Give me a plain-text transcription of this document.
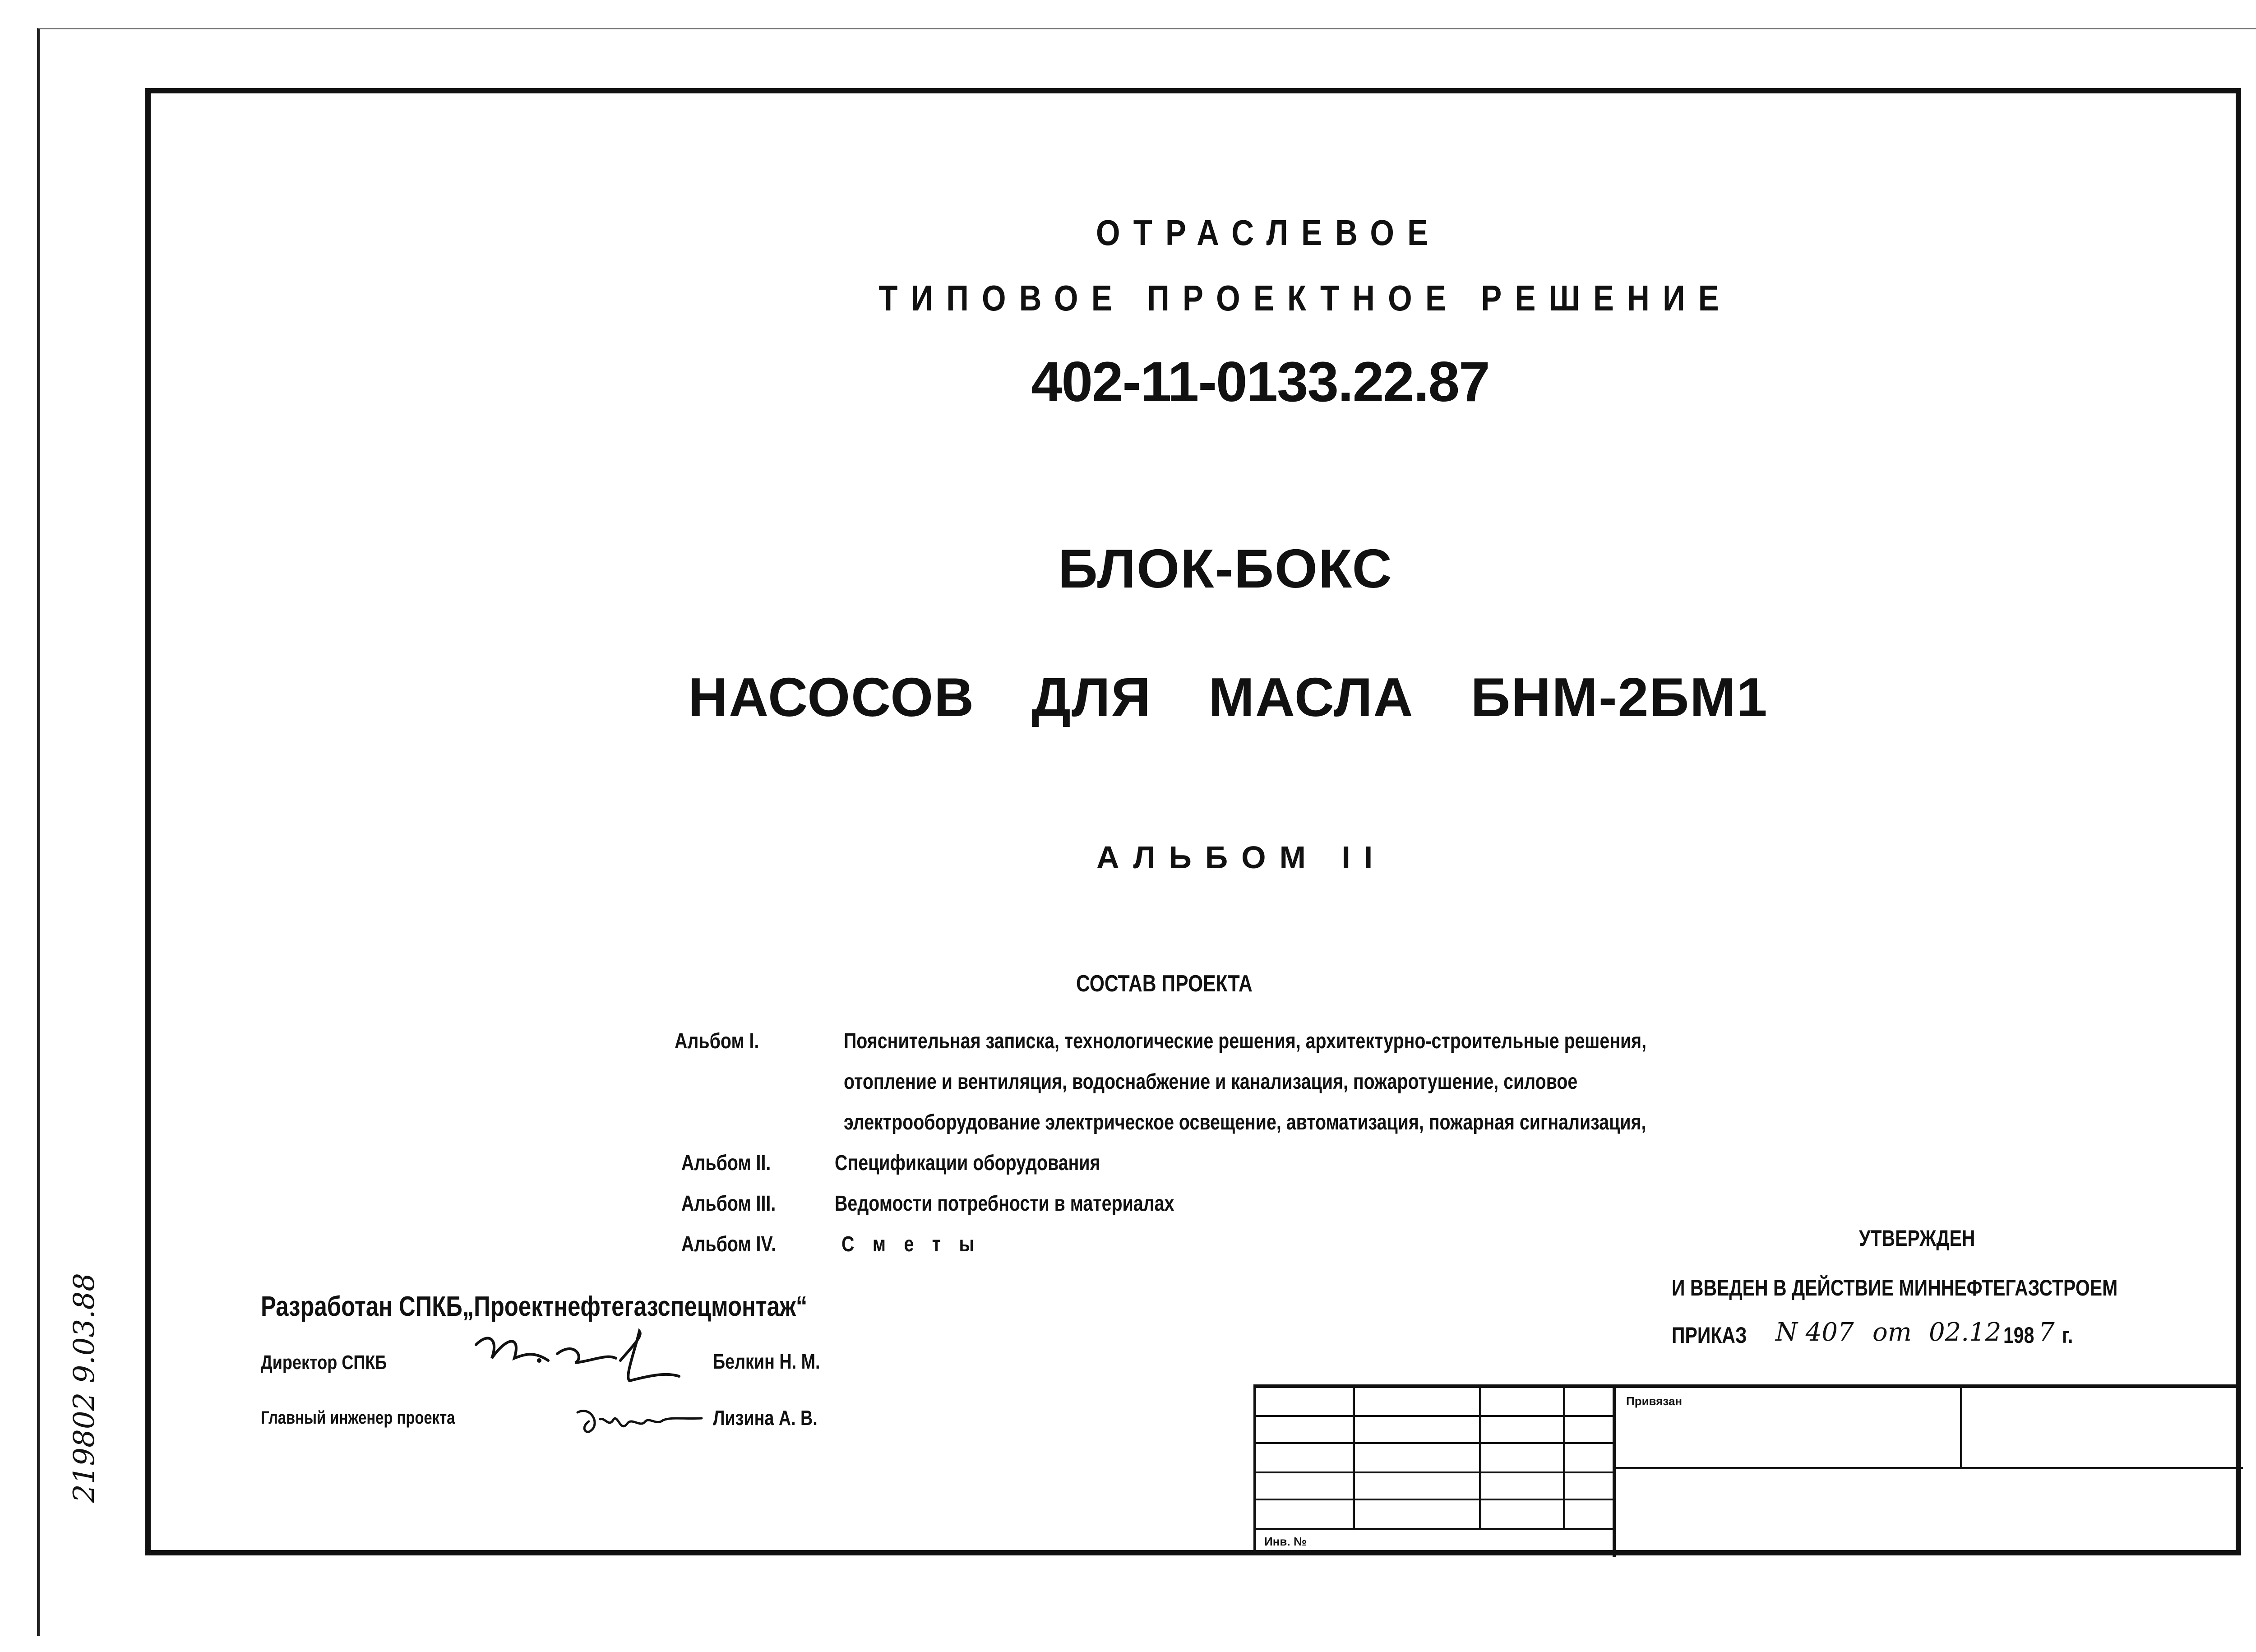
ОТРАСЛЕВОЕ
ТИПОВОЕ ПРОЕКТНОЕ РЕШЕНИЕ
402-11-0133.22.87
БЛОК-БОКС
НАСОСОВ ДЛЯ МАСЛА БНМ-2БМ1
АЛЬБОМ II
СОСТАВ ПРОЕКТА
Альбом I.	Пояснительная записка, технологические решения, архитектурно-строительные решения,
отопление и вентиляция, водоснабжение и канализация, пожаротушение, силовое
электрооборудование электрическое освещение, автоматизация, пожарная сигнализация,
Альбом II.	Спецификации оборудования
Альбом III.	Ведомости потребности в материалах
Альбом IV.	С м е т ы
Разработан СПКБ„Проектнефтегазспецмонтаж“
Директор СПКБ	Белкин Н. М.
Главный инженер проекта	Лизина А. В.
УТВЕРЖДЕН
И ВВЕДЕН В ДЕЙСТВИЕ МИННЕФТЕГАЗСТРОЕМ
ПРИКАЗ N 407 от 02.12 198 7 г.
Привязан
Инв. №
219802 9.03.88
